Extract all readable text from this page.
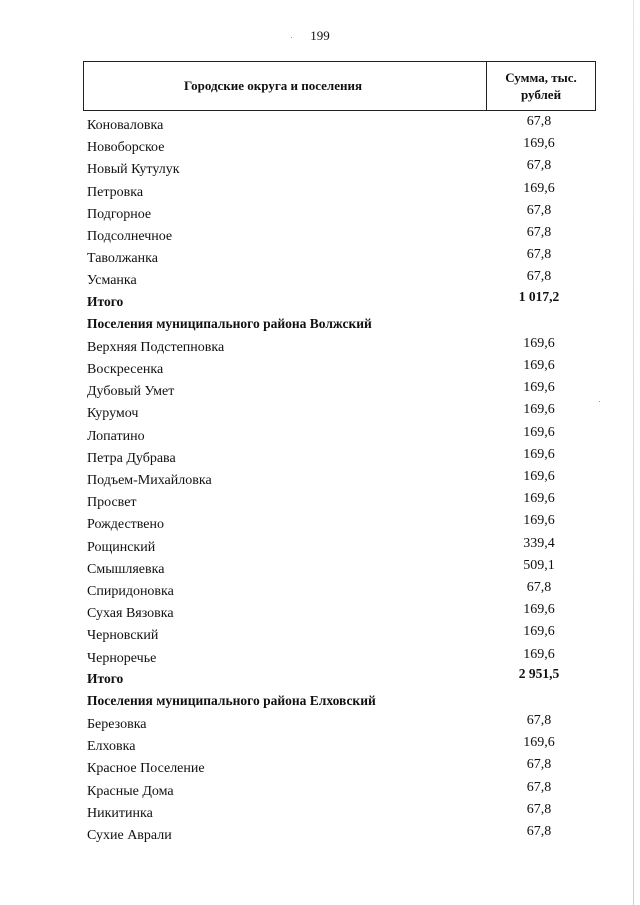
199
Городские округа и поселения
Сумма, тыс. рублей
Коноваловка	67,8
Новоборское	169,6
Новый Кутулук	67,8
Петровка	169,6
Подгорное	67,8
Подсолнечное	67,8
Таволжанка	67,8
Усманка	67,8
Итого	1 017,2
Поселения муниципального района Волжский
Верхняя Подстепновка	169,6
Воскресенка	169,6
Дубовый Умет	169,6
Курумоч	169,6
Лопатино	169,6
Петра Дубрава	169,6
Подъем-Михайловка	169,6
Просвет	169,6
Рождествено	169,6
Рощинский	339,4
Смышляевка	509,1
Спиридоновка	67,8
Сухая Вязовка	169,6
Черновский	169,6
Черноречье	169,6
Итого	2 951,5
Поселения муниципального района Елховский
Березовка	67,8
Елховка	169,6
Красное Поселение	67,8
Красные Дома	67,8
Никитинка	67,8
Сухие Аврали	67,8
